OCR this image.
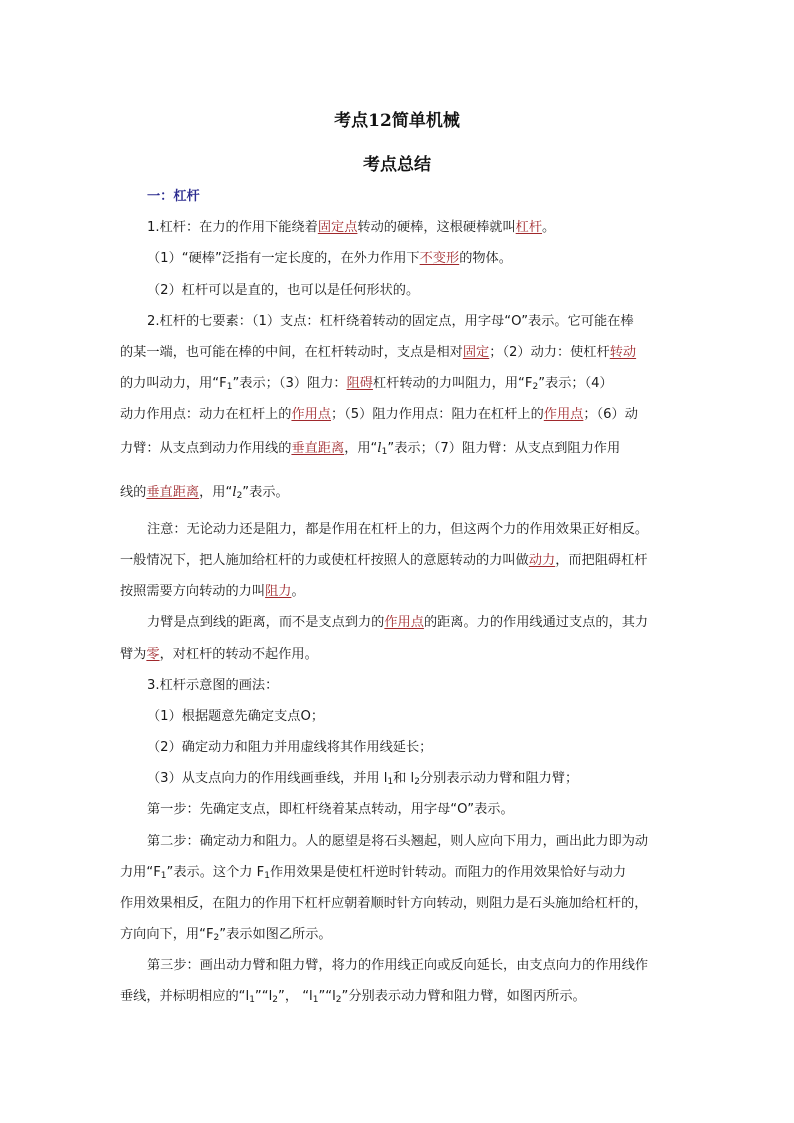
考点12简单机械
考点总结
一：杠杆
1.杠杆：在力的作用下能绕着固定点转动的硬棒，这根硬棒就叫杠杆。
（1）“硬棒”泛指有一定长度的，在外力作用下不变形的物体。
（2）杠杆可以是直的，也可以是任何形状的。
2.杠杆的七要素：（1）支点：杠杆绕着转动的固定点，用字母“O”表示。它可能在棒
的某一端，也可能在棒的中间，在杠杆转动时，支点是相对固定；（2）动力：使杠杆转动
的力叫动力，用“$F_1$”表示；（3）阻力：阻碍杠杆转动的力叫阻力，用“$F_2$”表示；（4）
动力作用点：动力在杠杆上的作用点；（5）阻力作用点：阻力在杠杆上的作用点；（6）动
力臂：从支点到动力作用线的垂直距离，用“$l_1$”表示；（7）阻力臂：从支点到阻力作用
线的垂直距离，用“$l_2$”表示。
注意：无论动力还是阻力，都是作用在杠杆上的力，但这两个力的作用效果正好相反。
一般情况下，把人施加给杠杆的力或使杠杆按照人的意愿转动的力叫做动力，而把阻碍杠杆
按照需要方向转动的力叫阻力。
力臂是点到线的距离，而不是支点到力的作用点的距离。力的作用线通过支点的，其力
臂为零，对杠杆的转动不起作用。
3.杠杆示意图的画法：
（1）根据题意先确定支点O；
（2）确定动力和阻力并用虚线将其作用线延长；
（3）从支点向力的作用线画垂线，并用 $l_1$和 $l_2$分别表示动力臂和阻力臂；
第一步：先确定支点，即杠杆绕着某点转动，用字母“O”表示。
第二步：确定动力和阻力。人的愿望是将石头翘起，则人应向下用力，画出此力即为动
力用“$F_1$”表示。这个力 $F_1$作用效果是使杠杆逆时针转动。而阻力的作用效果恰好与动力
作用效果相反，在阻力的作用下杠杆应朝着顺时针方向转动，则阻力是石头施加给杠杆的，
方向向下，用“$F_2$”表示如图乙所示。
第三步：画出动力臂和阻力臂，将力的作用线正向或反向延长，由支点向力的作用线作
垂线，并标明相应的“$l_1”“l_2$”， “$l_1”“l_2$”分别表示动力臂和阻力臂，如图丙所示。
